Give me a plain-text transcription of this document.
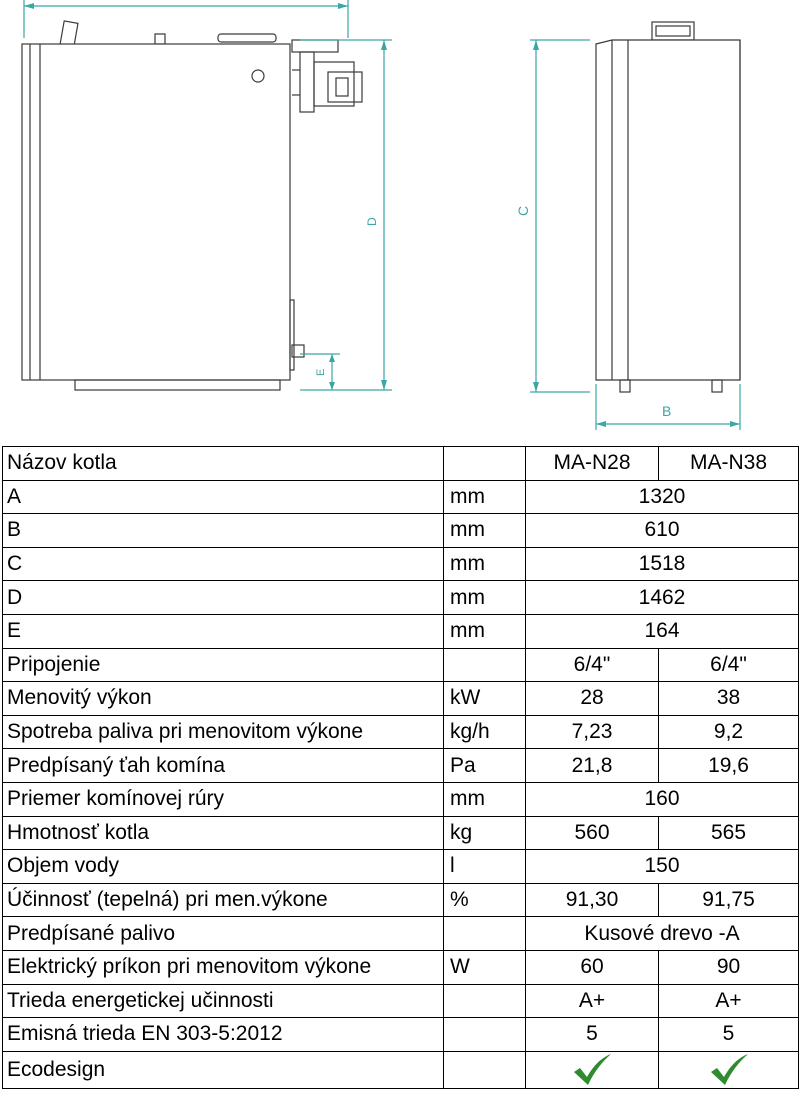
D
E
C
B
Názov kotla		MA-N28	MA-N38
A	mm	1320	
B	mm	610	
C	mm	1518	
D	mm	1462	
E	mm	164	
Pripojenie		6/4"	6/4"
Menovitý výkon	kW	28	38
Spotreba paliva pri menovitom výkone	kg/h	7,23	9,2
Predpísaný ťah komína	Pa	21,8	19,6
Priemer komínovej rúry	mm	160	
Hmotnosť kotla	kg	560	565
Objem vody	l	150	
Účinnosť (tepelná) pri men.výkone	%	91,30	91,75
Predpísané palivo		Kusové drevo -A	
Elektrický príkon pri menovitom výkone	W	60	90
Trieda energetickej učinnosti		A+	A+
Emisná trieda EN 303-5:2012		5	5
Ecodesign			
